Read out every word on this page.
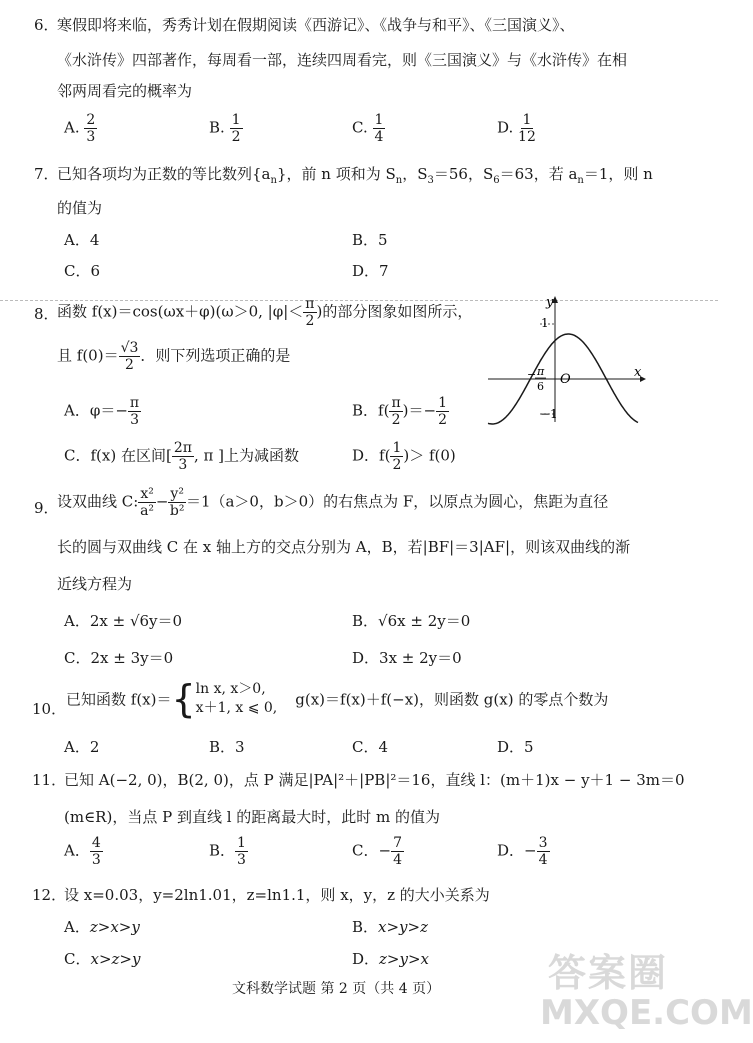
6．
寒假即将来临，秀秀计划在假期阅读《西游记》、《战争与和平》、《三国演义》、
《水浒传》四部著作，每周看一部，连续四周看完，则《三国演义》与《水浒传》在相
邻两周看完的概率为
A. $\frac{2}{3}$	B. $\frac{1}{2}$	C. $\frac{1}{4}$	D. $\frac{1}{12}$
7．
已知各项均为正数的等比数列$\{a_n\}$，前 n 项和为 $S_n$，$S_3=56$，$S_6=63$，若 $a_n=1$，则 n
的值为
A．4	B．5
C．6	D．7
8．
函数 f(x)＝cos(ωx＋φ)(ω＞0, $|\varphi|< \frac{\pi}{2}$ )的部分图象如图所示，
且 $f(0)= \frac{√3}{2}$ ．则下列选项正确的是
A．$\varphi=- \frac{\pi}{3}$	B．$f( \frac{\pi}{2}$ )＝− $\frac{1}{2}$
C．f(x) 在区间[ $\frac{2\pi}{3}$ , π ]上为减函数	D．$f( \frac{1}{2}$ )＞ f(0)
y
x
O
1
−1
− π
6
9．
设双曲线 C: $\frac{\text{x²}}{\text{a²}} - \frac{\text{y²}}{\text{b²}} =1(a>0$，b＞0）的右焦点为 F，以原点为圆心，焦距为直径
长的圆与双曲线 C 在 x 轴上方的交点分别为 A，B，若|BF|＝3|AF|，则该双曲线的渐
近线方程为
A．2x ± √6y＝0	B．√6x ± 2y＝0
C．2x ± 3y＝0	D．3x ± 2y＝0
10．
已知函数 f(x)＝{ ln x, x＞0,
x＋1, x ⩽ 0, g(x)＝f(x)＋f(−x)，则函数 g(x) 的零点个数为
A．2	B．3	C．4	D．5
11．
已知 A(−2, 0)，B(2, 0)，点 P 满足|PA|²＋|PB|²＝16，直线 l：(m＋1)x − y＋1 − 3m＝0
(m∈R)，当点 P 到直线 l 的距离最大时，此时 m 的值为
A． $\frac{4}{3}$	B． $\frac{1}{3}$	C．− $\frac{7}{4}$	D．− $\frac{3}{4}$
12．
设 x=0.03，y=2ln1.01，z=ln1.1，则 x，y，z 的大小关系为
A．z>x>y	B．x>y>z
C．x>z>y	D．z>y>x
文科数学试题 第 2 页（共 4 页）	答案圈
MXQE.COM
